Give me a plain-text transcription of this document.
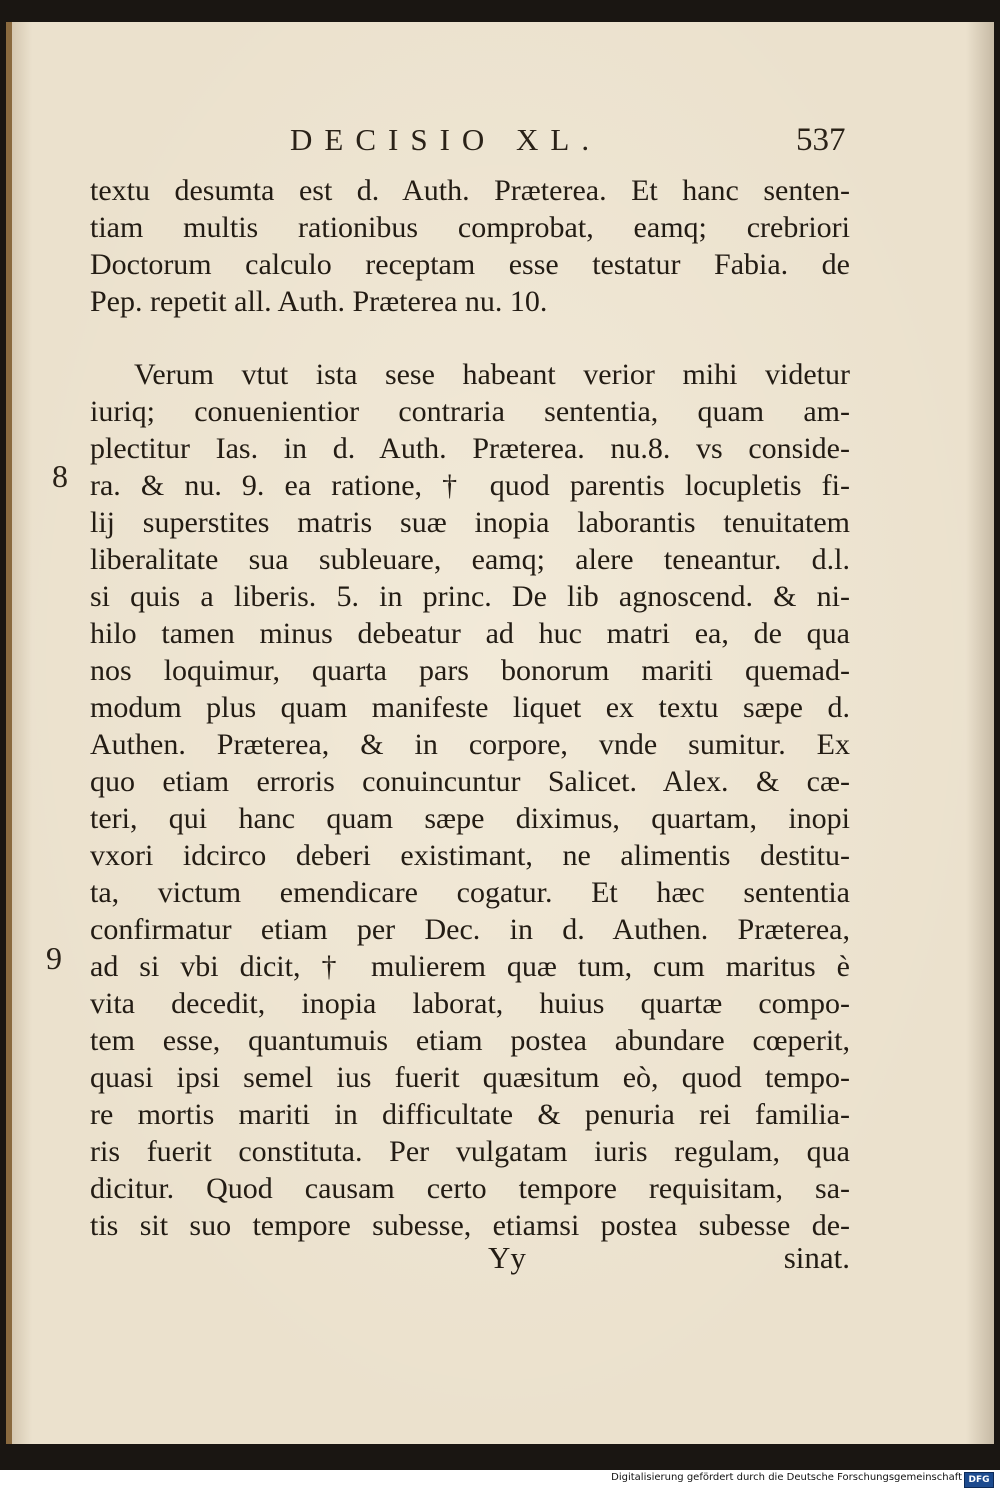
DECISIO XL.	537
8
9
textu desumta est d. Auth. Præterea. Et hanc senten-
tiam multis rationibus comprobat, eamq; crebriori
Doctorum calculo receptam esse testatur Fabia. de
Pep. repetit all. Auth. Præterea nu. 10.
Verum vtut ista sese habeant verior mihi videtur
iuriq; conuenientior contraria sententia, quam am-
plectitur Ias. in d. Auth. Præterea. nu.8. vs conside-
ra. & nu. 9. ea ratione, † quod parentis locupletis fi-
lij superstites matris suæ inopia laborantis tenuitatem
liberalitate sua subleuare, eamq; alere teneantur. d.l.
si quis a liberis. 5. in princ. De lib agnoscend. & ni-
hilo tamen minus debeatur ad huc matri ea, de qua
nos loquimur, quarta pars bonorum mariti quemad-
modum plus quam manifeste liquet ex textu sæpe d.
Authen. Præterea, & in corpore, vnde sumitur. Ex
quo etiam erroris conuincuntur Salicet. Alex. & cæ-
teri, qui hanc quam sæpe diximus, quartam, inopi
vxori idcirco deberi existimant, ne alimentis destitu-
ta, victum emendicare cogatur. Et hæc sententia
confirmatur etiam per Dec. in d. Authen. Præterea,
ad si vbi dicit, † mulierem quæ tum, cum maritus è
vita decedit, inopia laborat, huius quartæ compo-
tem esse, quantumuis etiam postea abundare cœperit,
quasi ipsi semel ius fuerit quæsitum eò, quod tempo-
re mortis mariti in difficultate & penuria rei familia-
ris fuerit constituta. Per vulgatam iuris regulam, qua
dicitur. Quod causam certo tempore requisitam, sa-
tis sit suo tempore subesse, etiamsi postea subesse de-
Yy	sinat.
Digitalisierung gefördert durch die Deutsche Forschungsgemeinschaft DFG
